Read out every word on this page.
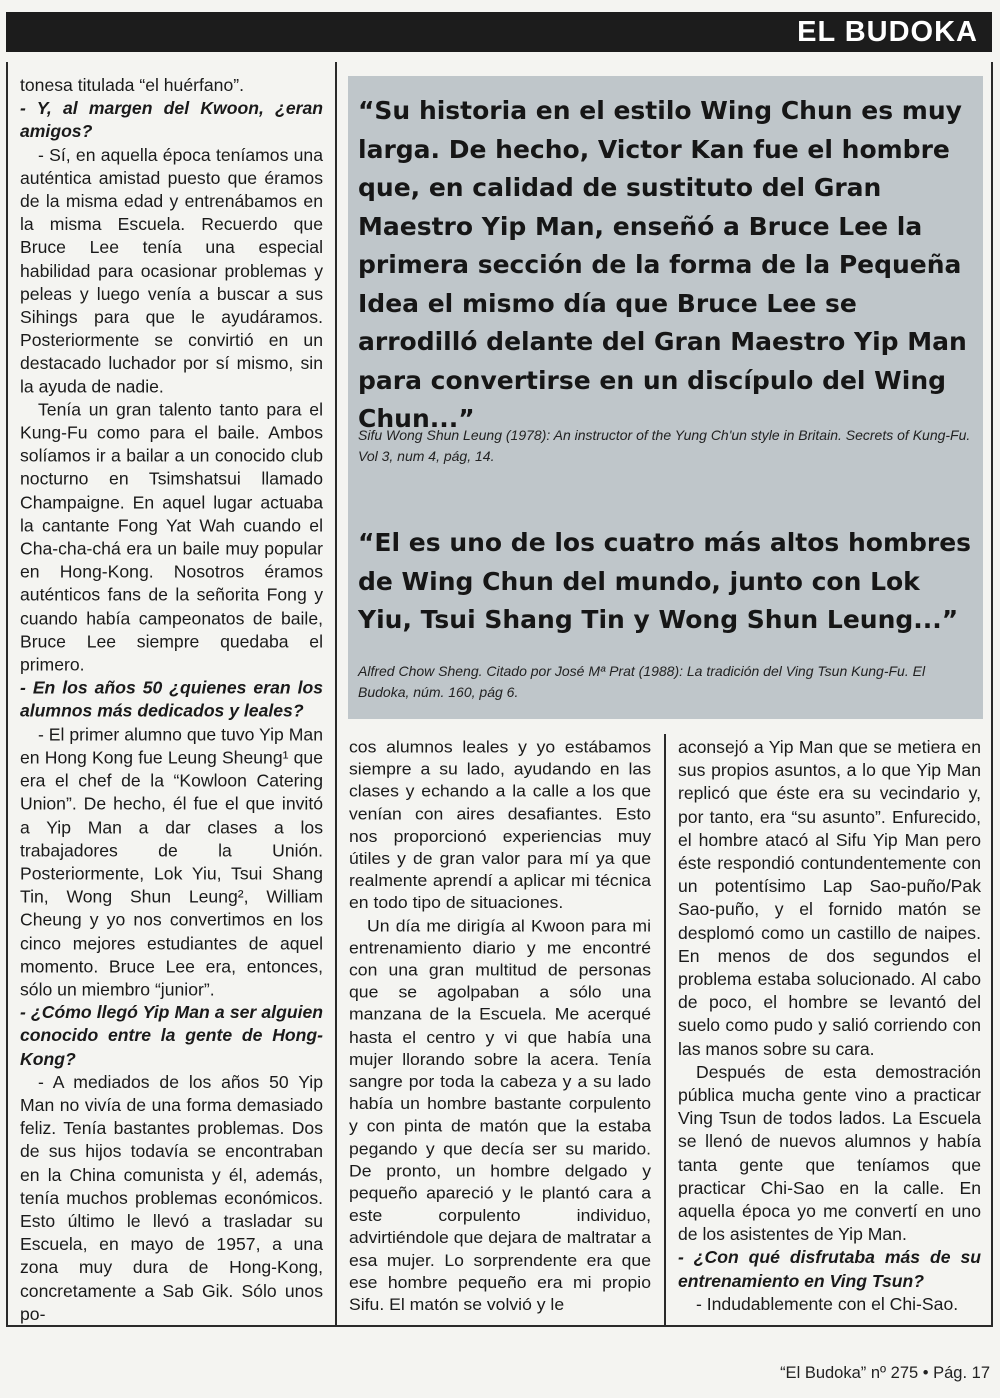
EL BUDOKA

tonesa titulada “el huérfano”.

- Y, al margen del Kwoon, ¿eran amigos?

- Sí, en aquella época teníamos una auténtica amistad puesto que éramos de la misma edad y entrenábamos en la misma Escuela. Recuerdo que Bruce Lee tenía una especial habilidad para ocasionar problemas y peleas y luego venía a buscar a sus Sihings para que le ayudáramos. Posteriormente se convirtió en un destacado luchador por sí mismo, sin la ayuda de nadie.

Tenía un gran talento tanto para el Kung-Fu como para el baile. Ambos solíamos ir a bailar a un conocido club nocturno en Tsimshatsui llamado Champaigne. En aquel lugar actuaba la cantante Fong Yat Wah cuando el Cha-cha-chá era un baile muy popular en Hong-Kong. Nosotros éramos auténticos fans de la señorita Fong y cuando había campeonatos de baile, Bruce Lee siempre quedaba el primero.

- En los años 50 ¿quienes eran los alumnos más dedicados y leales?

- El primer alumno que tuvo Yip Man en Hong Kong fue Leung Sheung¹ que era el chef de la “Kowloon Catering Union”. De hecho, él fue el que invitó a Yip Man a dar clases a los trabajadores de la Unión. Posteriormente, Lok Yiu, Tsui Shang Tin, Wong Shun Leung², William Cheung y yo nos convertimos en los cinco mejores estudiantes de aquel momento. Bruce Lee era, entonces, sólo un miembro “junior”.

- ¿Cómo llegó Yip Man a ser alguien conocido entre la gente de Hong-Kong?

- A mediados de los años 50 Yip Man no vivía de una forma demasiado feliz. Tenía bastantes problemas. Dos de sus hijos todavía se encontraban en la China comunista y él, además, tenía muchos problemas económicos. Esto último le llevó a trasladar su Escuela, en mayo de 1957, a una zona muy dura de Hong-Kong, concretamente a Sab Gik. Sólo unos po-

“Su historia en el estilo Wing Chun es muy larga. De hecho, Victor Kan fue el hombre que, en calidad de sustituto del Gran Maestro Yip Man, enseñó a Bruce Lee la primera sección de la forma de la Pequeña Idea el mismo día que Bruce Lee se arrodilló delante del Gran Maestro Yip Man para convertirse en un discípulo del Wing Chun...”
Sifu Wong Shun Leung (1978): An instructor of the Yung Ch'un style in Britain. Secrets of Kung-Fu. Vol 3, num 4, pág, 14.
“El es uno de los cuatro más altos hombres de Wing Chun del mundo, junto con Lok Yiu, Tsui Shang Tin y Wong Shun Leung...”
Alfred Chow Sheng. Citado por José Mª Prat (1988): La tradición del Ving Tsun Kung-Fu. El Budoka, núm. 160, pág 6.

cos alumnos leales y yo estábamos siempre a su lado, ayudando en las clases y echando a la calle a los que venían con aires desafiantes. Esto nos proporcionó experiencias muy útiles y de gran valor para mí ya que realmente aprendí a aplicar mi técnica en todo tipo de situaciones.

Un día me dirigía al Kwoon para mi entrenamiento diario y me encontré con una gran multitud de personas que se agolpaban a sólo una manzana de la Escuela. Me acerqué hasta el centro y vi que había una mujer llorando sobre la acera. Tenía sangre por toda la cabeza y a su lado había un hombre bastante corpulento y con pinta de matón que la estaba pegando y que decía ser su marido. De pronto, un hombre delgado y pequeño apareció y le plantó cara a este corpulento individuo, advirtiéndole que dejara de maltratar a esa mujer. Lo sorprendente era que ese hombre pequeño era mi propio Sifu. El matón se volvió y le

aconsejó a Yip Man que se metiera en sus propios asuntos, a lo que Yip Man replicó que éste era su vecindario y, por tanto, era “su asunto”. Enfurecido, el hombre atacó al Sifu Yip Man pero éste respondió contundentemente con un potentísimo Lap Sao-puño/Pak Sao-puño, y el fornido matón se desplomó como un castillo de naipes. En menos de dos segundos el problema estaba solucionado. Al cabo de poco, el hombre se levantó del suelo como pudo y salió corriendo con las manos sobre su cara.

Después de esta demostración pública mucha gente vino a practicar Ving Tsun de todos lados. La Escuela se llenó de nuevos alumnos y había tanta gente que teníamos que practicar Chi-Sao en la calle. En aquella época yo me convertí en uno de los asistentes de Yip Man.

- ¿Con qué disfrutaba más de su entrenamiento en Ving Tsun?

- Indudablemente con el Chi-Sao.

“El Budoka” nº 275 • Pág. 17
